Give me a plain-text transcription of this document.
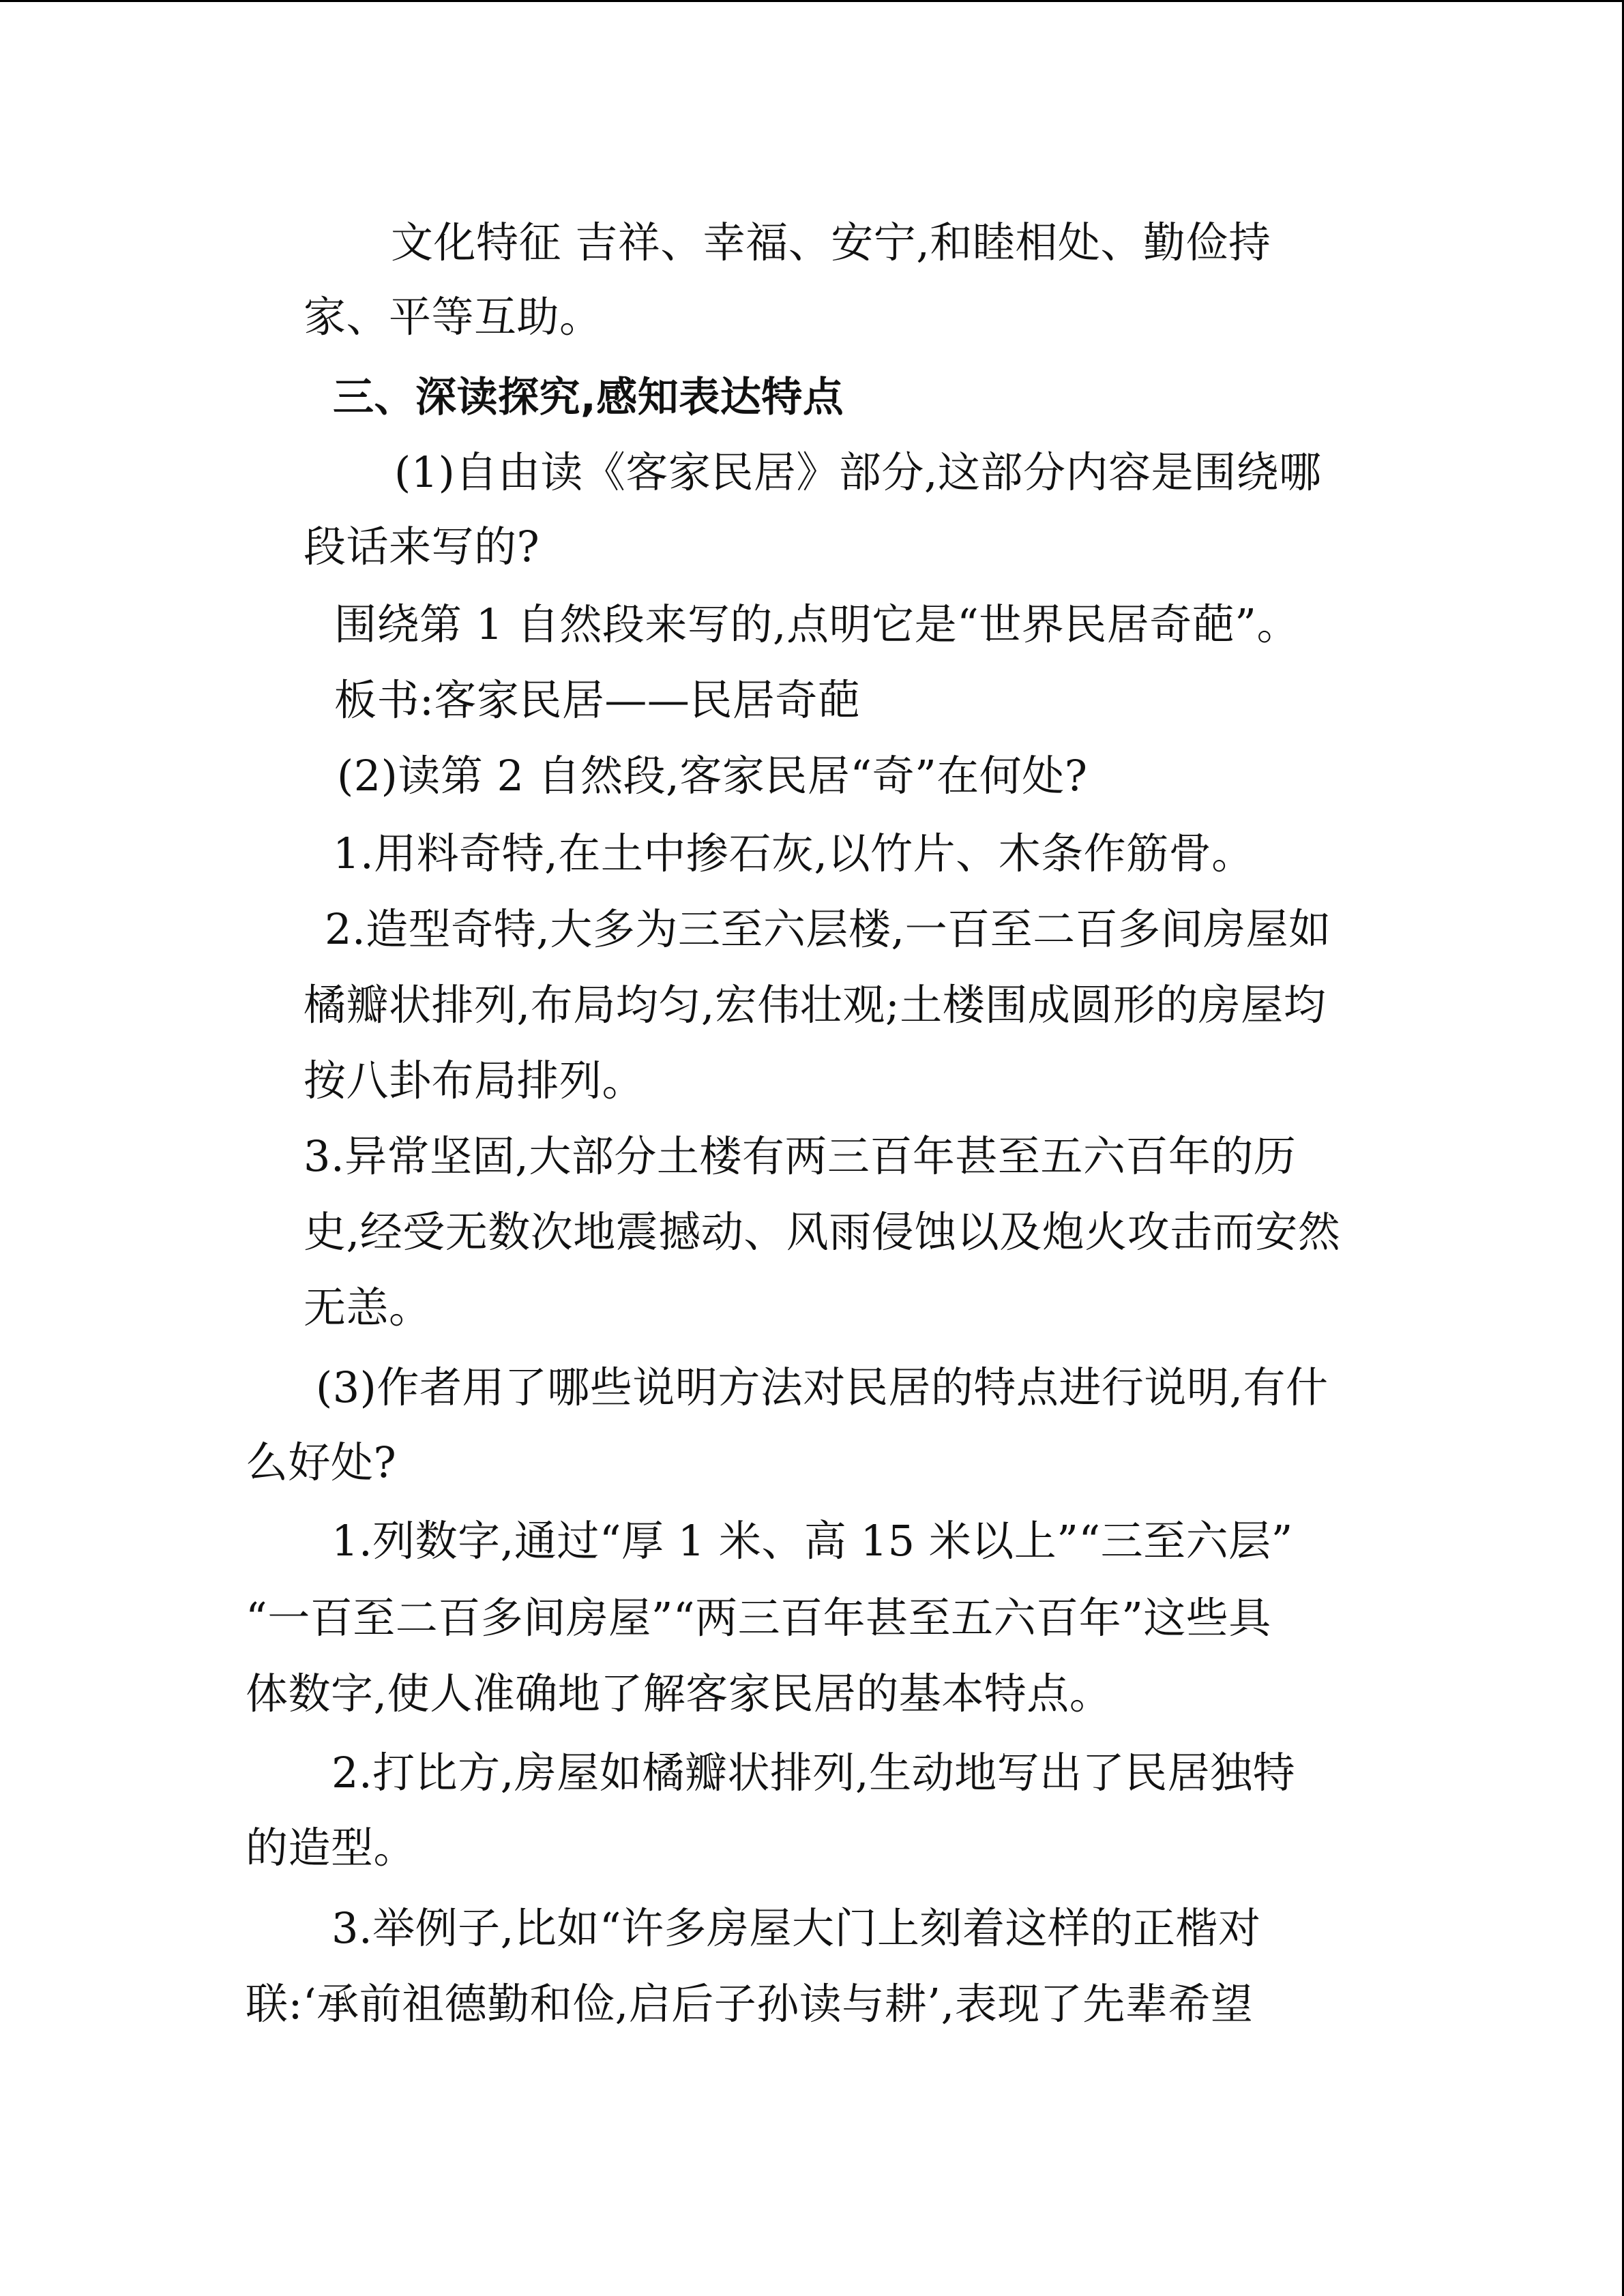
文化特征 吉祥、幸福、安宁,和睦相处、勤俭持
家、平等互助。
三、深读探究,感知表达特点
(1)自由读《客家民居》部分,这部分内容是围绕哪
段话来写的?
围绕第 1 自然段来写的,点明它是“世界民居奇葩”。
板书:客家民居——民居奇葩
(2)读第 2 自然段,客家民居“奇”在何处?
1.用料奇特,在土中掺石灰,以竹片、木条作筋骨。
2.造型奇特,大多为三至六层楼,一百至二百多间房屋如
橘瓣状排列,布局均匀,宏伟壮观;土楼围成圆形的房屋均
按八卦布局排列。
3.异常坚固,大部分土楼有两三百年甚至五六百年的历
史,经受无数次地震撼动、风雨侵蚀以及炮火攻击而安然
无恙。
(3)作者用了哪些说明方法对民居的特点进行说明,有什
么好处?
1.列数字,通过“厚 1 米、高 15 米以上”“三至六层”
“一百至二百多间房屋”“两三百年甚至五六百年”这些具
体数字,使人准确地了解客家民居的基本特点。
2.打比方,房屋如橘瓣状排列,生动地写出了民居独特
的造型。
3.举例子,比如“许多房屋大门上刻着这样的正楷对
联:‘承前祖德勤和俭,启后子孙读与耕’,表现了先辈希望
